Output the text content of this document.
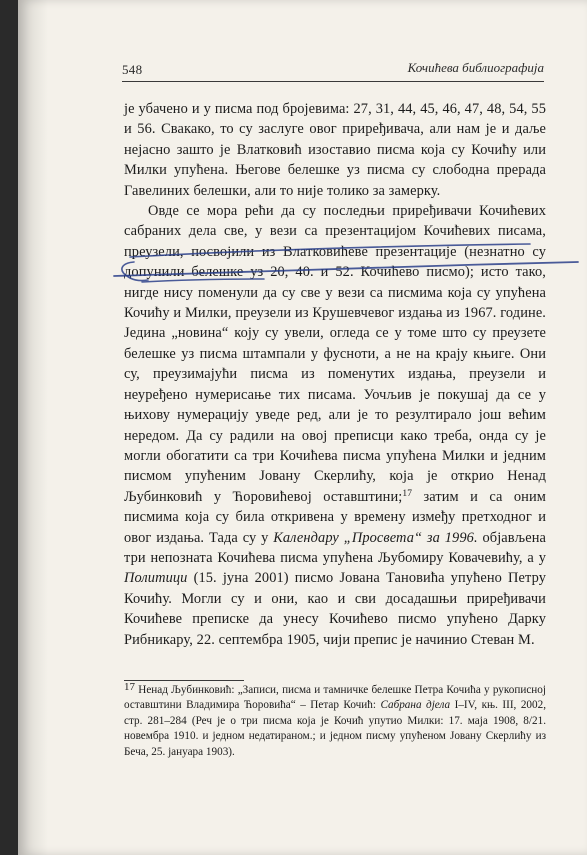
548	Кочићева библиографија

је убачено и у писма под бројевима: 27, 31, 44, 45, 46, 47, 48, 54, 55 и 56. Свакако, то су заслуге овог приређивача, али нам је и даље нејасно зашто је Влатковић изоставио писма која су Кочићу или Милки упућена. Његове белешке уз писма су слободна прерада Гавелиних белешки, али то није толико за замерку.

Овде се мора рећи да су последњи приређивачи Кочићевих сабраних дела све, у вези са презентацијом Кочићевих писама, преузели, посвојили из Влатковићеве презентације (незнатно су допунили белешке уз 20, 40. и 52. Кочићево писмо); исто тако, нигде нису поменули да су све у вези са писмима која су упућена Кочићу и Милки, преузели из Крушевчевог издања из 1967. године. Једина „новина“ коју су увели, огледа се у томе што су преузете белешке уз писма штампали у фусноти, а не на крају књиге. Они су, преузимајући писма из поменутих издања, преузели и неуређено нумерисање тих писама. Уочљив је покушај да се у њихову нумерацију уведе ред, али је то резултирало још већим нередом. Да су радили на овој преписци како треба, онда су је могли обогатити са три Кочићева писма упућена Милки и једним писмом упућеним Јовану Скерлићу, која је открио Ненад Љубинковић у Ћоровићевој оставштини;$^{17}$ затим и са оним писмима која су била откривена у времену између претходног и овог издања. Тада су у Календару „Просвета“ за 1996. објављена три непозната Кочићева писма упућена Љубомиру Ковачевићу, а у Политици (15. јуна 2001) писмо Јована Тановића упућено Петру Кочићу. Могли су и они, као и сви досадашњи приређивачи Кочићеве преписке да унесу Кочићево писмо упућено Дарку Рибникару, 22. септембра 1905, чији препис је начинио Стеван М.

$^{17}$ Ненад Љубинковић: „Записи, писма и тамничке белешке Петра Кочића у рукописној оставштини Владимира Ћоровића“ – Петар Кочић: Сабрана дјела I–IV, књ. III, 2002, стр. 281–284 (Реч је о три писма која је Кочић упутио Милки: 17. маја 1908, 8/21. новембра 1910. и једном недатираном.; и једном писму упућеном Јовану Скерлићу из Беча, 25. јануара 1903).
